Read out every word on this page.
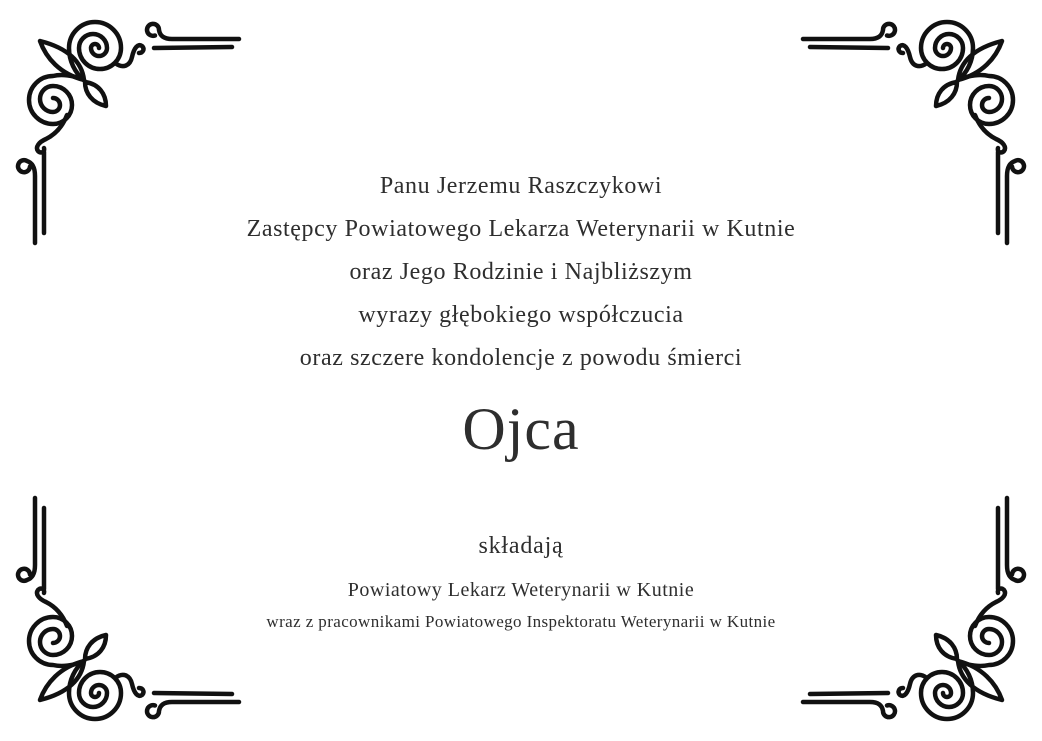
Panu Jerzemu Raszczykowi
Zastępcy Powiatowego Lekarza Weterynarii w Kutnie
oraz Jego Rodzinie i Najbliższym
wyrazy głębokiego współczucia
oraz szczere kondolencje z powodu śmierci
Ojca
składają
Powiatowy Lekarz Weterynarii w Kutnie
wraz z pracownikami Powiatowego Inspektoratu Weterynarii w Kutnie
